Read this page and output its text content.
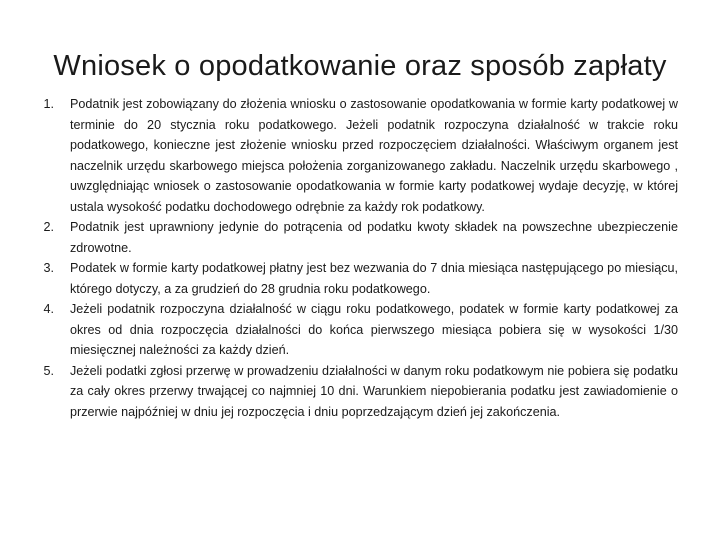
Wniosek o opodatkowanie oraz sposób zapłaty
1. Podatnik jest zobowiązany do złożenia wniosku o zastosowanie opodatkowania w formie karty podatkowej w terminie do 20 stycznia roku podatkowego. Jeżeli podatnik rozpoczyna działalność w trakcie roku podatkowego, konieczne jest złożenie wniosku przed rozpoczęciem działalności. Właściwym organem jest naczelnik urzędu skarbowego miejsca położenia zorganizowanego zakładu. Naczelnik urzędu skarbowego , uwzględniając wniosek o zastosowanie opodatkowania w formie karty podatkowej wydaje decyzję, w której ustala wysokość podatku dochodowego odrębnie za każdy rok podatkowy.
2. Podatnik jest uprawniony jedynie do potrącenia od podatku kwoty składek na powszechne ubezpieczenie zdrowotne.
3. Podatek w formie karty podatkowej płatny jest bez wezwania do 7 dnia miesiąca następującego po miesiącu, którego dotyczy, a za grudzień do 28 grudnia roku podatkowego.
4. Jeżeli podatnik rozpoczyna działalność w ciągu roku podatkowego, podatek w formie karty podatkowej za okres od dnia rozpoczęcia działalności do końca pierwszego miesiąca pobiera się w wysokości 1/30 miesięcznej należności za każdy dzień.
5. Jeżeli podatki zgłosi przerwę w prowadzeniu działalności w danym roku podatkowym nie pobiera się podatku za cały okres przerwy trwającej co najmniej 10 dni. Warunkiem niepobierania podatku jest zawiadomienie o przerwie najpóźniej w dniu jej rozpoczęcia i dniu poprzedzającym dzień jej zakończenia.
